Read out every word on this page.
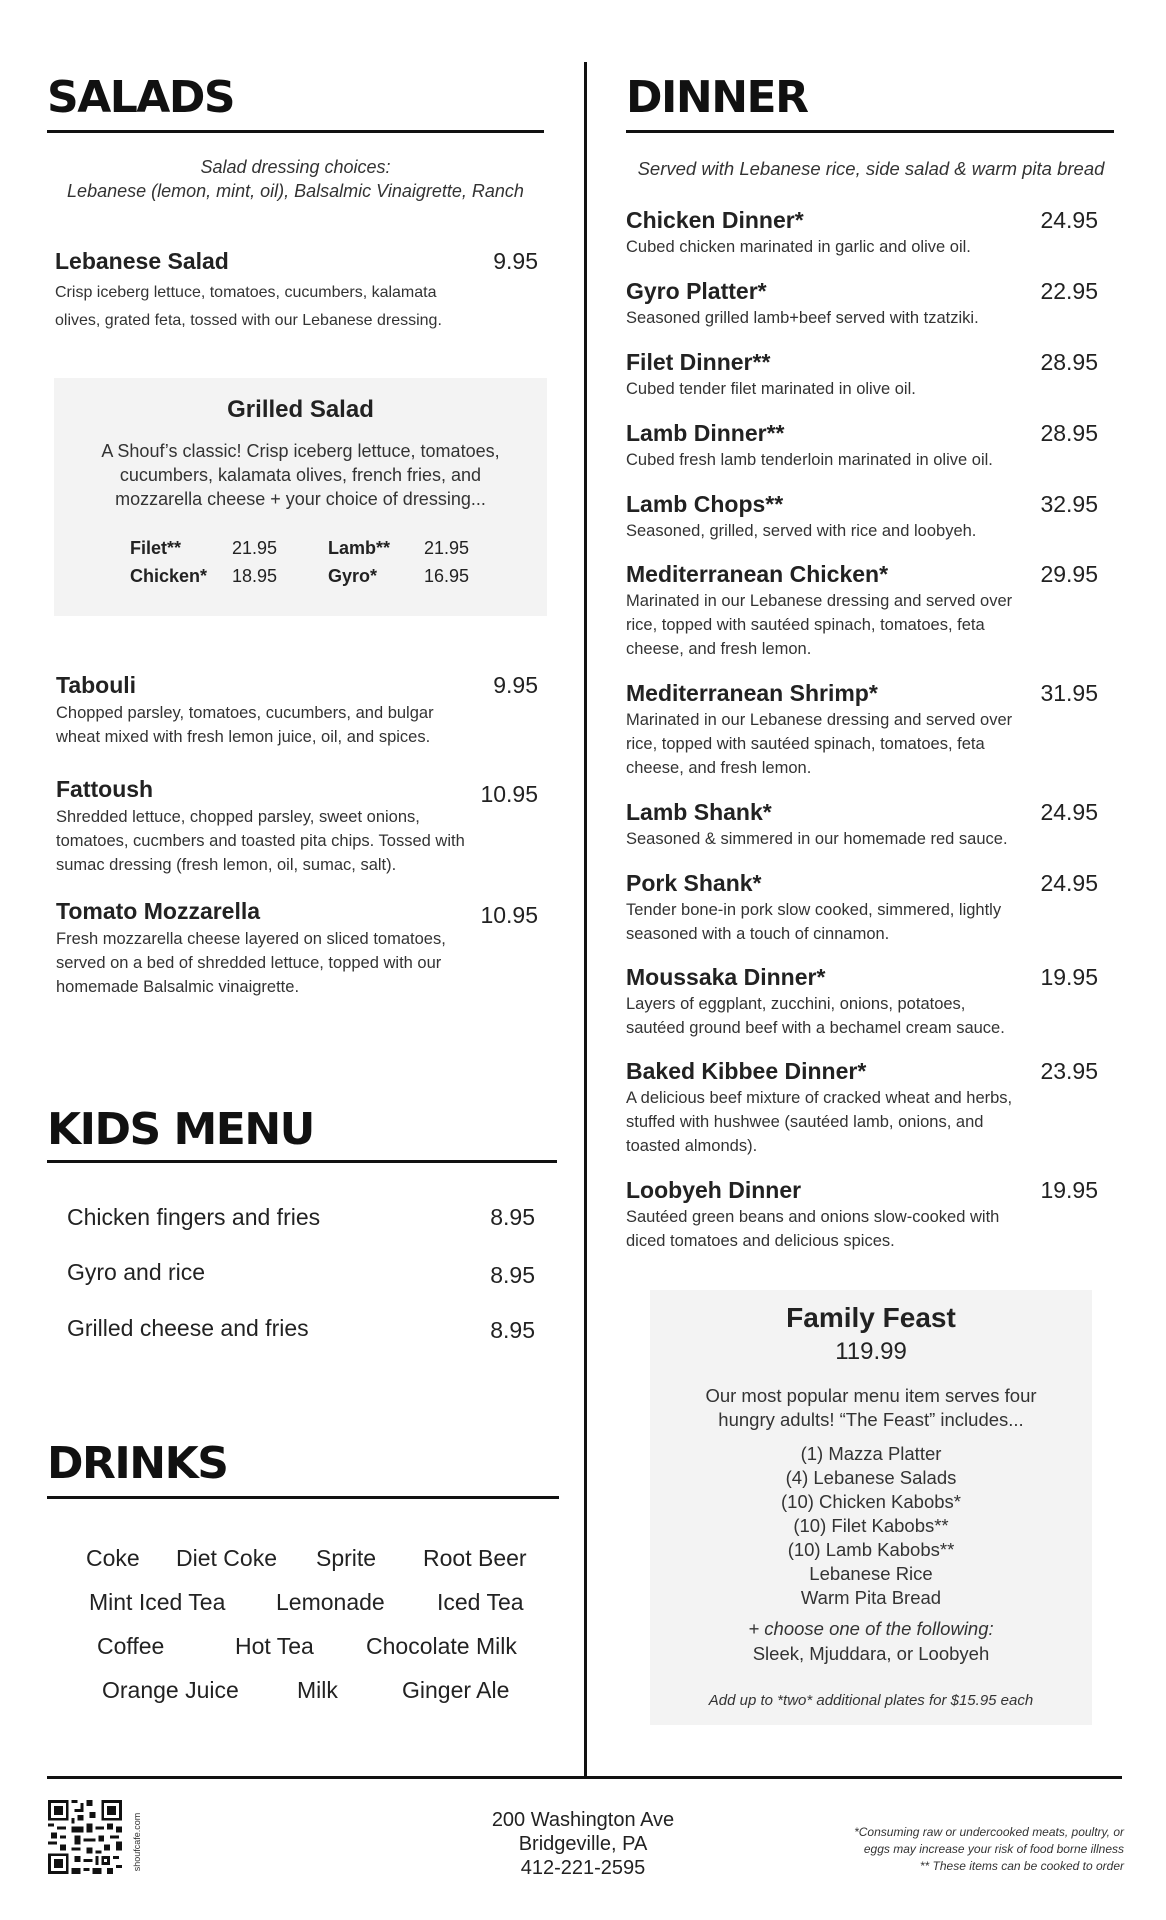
SALADS
Salad dressing choices:
Lebanese (lemon, mint, oil), Balsalmic Vinaigrette, Ranch
Lebanese Salad	9.95
Crisp iceberg lettuce, tomatoes, cucumbers, kalamata olives, grated feta, tossed with our Lebanese dressing.
Grilled Salad
A Shouf’s classic! Crisp iceberg lettuce, tomatoes, cucumbers, kalamata olives, french fries, and mozzarella cheese + your choice of dressing...
Filet**	21.95	Lamb** 21.95
Chicken* 18.95	Gyro*	16.95
Tabouli	9.95
Chopped parsley, tomatoes, cucumbers, and bulgar wheat mixed with fresh lemon juice, oil, and spices.
Fattoush	10.95
Shredded lettuce, chopped parsley, sweet onions, tomatoes, cucmbers and toasted pita chips. Tossed with sumac dressing (fresh lemon, oil, sumac, salt).
Tomato Mozzarella	10.95
Fresh mozzarella cheese layered on sliced tomatoes, served on a bed of shredded lettuce, topped with our homemade Balsalmic vinaigrette.
KIDS MENU
Chicken fingers and fries	8.95
Gyro and rice	8.95
Grilled cheese and fries	8.95
DRINKS
Coke Diet Coke Sprite Root Beer
Mint Iced Tea Lemonade Iced Tea
Coffee	Hot Tea Chocolate Milk
Orange Juice	Milk	Ginger Ale
DINNER
Served with Lebanese rice, side salad & warm pita bread
Chicken Dinner*	24.95
Cubed chicken marinated in garlic and olive oil.
Gyro Platter*	22.95
Seasoned grilled lamb+beef served with tzatziki.
Filet Dinner**	28.95
Cubed tender filet marinated in olive oil.
Lamb Dinner**	28.95
Cubed fresh lamb tenderloin marinated in olive oil.
Lamb Chops**	32.95
Seasoned, grilled, served with rice and loobyeh.
Mediterranean Chicken*	29.95
Marinated in our Lebanese dressing and served over rice, topped with sautéed spinach, tomatoes, feta cheese, and fresh lemon.
Mediterranean Shrimp*	31.95
Marinated in our Lebanese dressing and served over rice, topped with sautéed spinach, tomatoes, feta cheese, and fresh lemon.
Lamb Shank*	24.95
Seasoned & simmered in our homemade red sauce.
Pork Shank*	24.95
Tender bone-in pork slow cooked, simmered, lightly seasoned with a touch of cinnamon.
Moussaka Dinner*	19.95
Layers of eggplant, zucchini, onions, potatoes, sautéed ground beef with a bechamel cream sauce.
Baked Kibbee Dinner*	23.95
A delicious beef mixture of cracked wheat and herbs, stuffed with hushwee (sautéed lamb, onions, and toasted almonds).
Loobyeh Dinner	19.95
Sautéed green beans and onions slow-cooked with diced tomatoes and delicious spices.
Family Feast
119.99
Our most popular menu item serves four hungry adults! “The Feast” includes...
(1) Mazza Platter
(4) Lebanese Salads
(10) Chicken Kabobs*
(10) Filet Kabobs**
(10) Lamb Kabobs**
Lebanese Rice
Warm Pita Bread
+ choose one of the following:
Sleek, Mjuddara, or Loobyeh
Add up to *two* additional plates for $15.95 each
shoufcafe.com	200 Washington Ave
Bridgeville, PA
412-221-2595
*Consuming raw or undercooked meats, poultry, or
eggs may increase your risk of food borne illness
** These items can be cooked to order
